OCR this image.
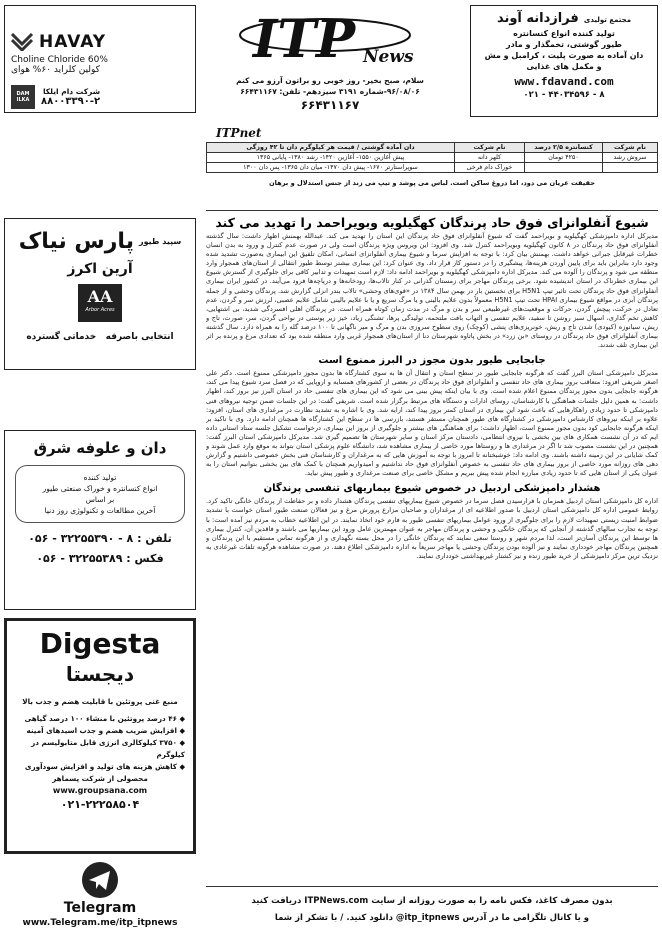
مجتمع تولیدی فرازدانه آوند
تولید کننده انواع کنسانتره
طیور گوشتی، تخمگذار و مادر
دان آماده به صورت پلیت ، کرامبل و مش
و مکمل های غذایی
www.fdavand.com
۸ - ۴۴۰۳۴۵۹۶ - ۰۲۱
ITP News
سلام، صبح بخیر- روز خوبی رو براتون آرزو می کنم
۹۶/۰۸/۰۶-شماره ۳۱۹۱ سیزدهم- تلفن: ۶۶۴۳۱۱۶۷
۶۶۴۳۱۱۶۷
HAVAY
Choline Chloride 60%
کولین کلراید ۶۰% هوای
DAM ILKA
شرکت دام ایلکا
۸۸۰۰۳۳۹۰-۲
$^{سپید طیور}$ پارس نیاک
آرین اکرز
AA
Arbor Acres
انتخابی باصرفه   خدماتی گسترده
دان و علوفه شرق
تولید کننده
انواع کنسانتره و خوراک صنعتی طیور
بر اساس
آخرین مطالعات و تکنولوژی روز دنیا
تلفن : ۸ - ۳۲۲۵۵۳۹۰ - ۰۵۶
فکس : ۳۲۲۵۵۳۸۹ - ۰۵۶
Digesta
دیجستا
منبع غنی پروتئین با قابلیت هضم و جذب بالا
◆ ۴۶ درصد پروتئین با منشاء ۱۰۰ درصد گیاهی
◆ افزایش ضریب هضم و جذب اسیدهای آمینه
◆ ۳۷۵۰ کیلوکالری انرژی قابل متابولیسم در کیلوگرم
◆ کاهش هزینه های تولید و افزایش سودآوری
محصولی از شرکت پسماهر
www.groupsana.com
۰۲۱-۲۲۲۵۸۵۰۴
Telegram
www.Telegram.me/itp_itpnews
ITPnet
نام شرکت	کنسانتره ۲/۵ درصد	نام شرکت	دان آماده گوشتی / قیمت هر کیلوگرم دان تا ۴۲ روزگی
سروش رشد	۴۲۵۰ تومان	کلهر دانه	پیش آغازین ۱۵۵۰- آغازین ۱۴۲۰- رشد ۱۳۸۰- پایانی ۱۳۶۵
		خوراک دام فرخی	سوپراستارتر ۱۶۷۰- پیش دان ۱۴۷۰- میان دان ۱۳۶۵- پس دان ۱۳۰۰
حقیقت عریان می دود، اما دروغ ساکن است. لباس می پوشد و تیپ می زند از جنس استدلال و برهان
شیوع آنفلوانزای فوق حاد پرندگان کهگیلویه وبویراحمد را تهدید می کند

مدیرکل اداره دامپزشکی کهگیلویه و بویراحمد گفت که شیوع آنفلوانزای فوق حاد پرندگان این استان را تهدید می کند. عبدالله بهمنش اظهار داشت: سال گذشته آنفلوانزای فوق حاد پرندگان در ۸ کانون کهگیلویه وبویراحمد کنترل شد. وی افزود: این ویروس ویژه پرندگان است ولی در صورت عدم کنترل و ورود به بدن انسان خطرات غیرقابل جبرانی خواهد داشت. بهمنش بیان کرد: با توجه به افزایش سرما و شیوع بیماری آنفلوانزای انسانی، امکان تلفیق این ابیماری به‌صورت تشدید شده وجود دارد بنابراین باید برای پایین آوردن هزینه‌ها، پیشگیری را در دستور کار قرار داد. وی عنوان کرد: این بیماری بیشتر توسط طیور انتقالی از استان‌های همجوار وارد منطقه می شود و پرندگان را آلوده می کند. مدیرکل اداره دامپزشکی کهگیلویه و بویراحمد ادامه داد: لازم است تمهیدات و تدابیر کافی برای جلوگیری از گسترش شیوع این بیماری خطرناک در استان اندیشیده شود. برخی پرندگان مهاجر برای زمستان گذرانی در کنار تالاب‌ها، رودخانه‌ها و دریاچه‌ها فرود می‌آیند. در کشور ایران بیماری آنفلوانزای فوق حاد پرندگان تحت تاثیر تیپ H5N1 برای نخستین بار در بهمن سال ۱۳۸۴ در «قوی‌های وحشی» تالاب بندر انزلی گزارش شد. پرندگان وحشی و از جمله پرندگان آبزی در مواقع شیوع بیماری HPAI تحت تیپ H5N1 معمولاً بدون علایم بالینی و یا مرگ سریع و یا با علایم بالینی شامل علایم عصبی، لرزش سر و گردن، عدم تعادل در حرکت، پیچش گردن، حرکات و موقعیت‌های غیرطبیعی سر و بدن و مرگ در مدت زمان کوتاه همراه است. در پرندگان اهلی افسردگی شدید، بی اشتهایی، کاهش تخم گذاری، اسهال سبز روشن تا سفید، علایم تنفسی و التهاب بافت ملتحمه، تولیدگی پرها، تشنگی زیاد، خیز زیر پوستی در نواحی گردن، سر، صورت، تاج و ریش، سیانوزه (کبودی) شدن تاج و ریش، خونریزی‌های پتشی (کوچک) روی سطوح سروزی بدن و مرگ و میر ناگهانی تا ۱۰۰ درصد گله را به همراه دارد. سال گذشته بیماری آنفلوانزای فوق حاد پرندگان در روستای «بن زرد» در بخش پاتاوه شهرستان دنا از استان‌های همجوار غربی وارد منطقه شده بود که تعدادی مرغ و پرنده بر اثر این بیماری تلف شدند.

جابجایی طیور بدون مجوز در البرز ممنوع است

مدیرکل دامپزشکی استان البرز گفت که هرگونه جابجایی طیور در سطح استان و انتقال آن ها به سوی کشتارگاه ها بدون مجوز دامپزشکی ممنوع است. دکتر علی اصغر شریفی افزود: متعاقب بروز بیماری های حاد تنفسی و آنفلوانزای فوق حاد پرندگان در بعضی از کشورهای همسایه و اروپایی که در فصل سرد شیوع پیدا می کند، هرگونه جابجایی بدون مجوز پرندگان ممنوع اعلام شده است. وی با بیان اینکه پیش بینی می شود که این بیماری های تنفسی حاد در استان البرز نیز بروز کند، اظهار داشت: به همین دلیل جلسات هماهنگی با کارشناسان، روسای ادارات و دستگاه های مرتبط برگزار شده است. شریفی گفت: در این جلسات ضمن توجیه نیروهای فنی دامپزشکی تا حدود زیادی راهکارهایی که باعث شود این بیماری در استان کمتر بروز پیدا کند، ارایه شد. وی با اشاره به تشدید نظارت در مرغداری های استان، افزود: علاوه بر اینکه نیروهای کارشناس دامپزشکی در کشتارگاه های طیور همچنان مستقر هستند، بازرسی ها در سطح این کشتارگاه ها همچنان ادامه دارد. وی با تاکید بر اینکه هرگونه جابجایی کود بدون مجوز ممنوع است، اظهار داشت: برای هماهنگی های بیشتر و جلوگیری از بروز این بیماری، درخواست تشکیل جلسه ستاد استانی داده ایم که در آن نشست همکاری های بین بخشی با نیروی انتظامی، دادستان مرکز استان و سایر شهرستان ها تصمیم گیری شد. مدیرکل دامپزشکی استان البرز گفت: همچنین در این نشست مصوب شد تا اگر در مرغداری ها و روستاها مورد خاصی از بیماری مشاهده شد، دانشگاه علوم پزشکی استان بتواند به موقع وارد عمل شوند و کمک شایانی در این زمینه داشته باشند. وی ادامه داد: خوشبختانه تا امروز با توجه به آموزش هایی که به مرغداران و کارشناسان فنی بخش خصوصی داشتیم و گزارش دهی های روزانه مورد خاصی از بروز بیماری های حاد تنفسی به خصوص آنفلوانزای فوق حاد نداشتیم و امیدواریم همچنان با کمک های بین بخشی بتوانیم استان را به عنوان یکی از استان هایی که تا حدود زیادی مبارزه انجام شده پیش ببریم و مشکل خاصی برای صنعت مرغداری و طیور پیش نیاید.

هشدار دامپزشکی اردبیل در خصوص شیوع بیماریهای تنفسی پرندگان

اداره کل دامپزشکی استان اردبیل همزمان با فرارسیدن فصل سرما در خصوص شیوع بیماریهای تنفسی پرندگان هشدار داده و بر حفاظت از پرندگان خانگی تاکید کرد. روابط عمومی اداره کل دامپزشکی استان اردبیل با صدور اطلاعیه ای از مرغداران و صاحبان مزارع پرورش مرغ و نیز فعالان صنعت طیور استان خواست با تشدید ضوابط امنیت زیستی تمهیدات لازم را برای جلوگیری از ورود عوامل بیماریهای تنفسی طیور به فارم خود اتخاذ نمایند. در این اطلاعیه خطاب به مردم نیز آمده است: با توجه به تجارب سالهای گذشته از آنجایی که پرندگان خانگی و وحشی و پرندگان مهاجر به عنوان مهمترین عامل ورود این بیماریها می باشند و فاقدین آن، کنترل بیماری ها توسط این پرندگان آسان‌تر است، لذا مردم شهر و روستا سعی نمایند که پرندگان خانگی را در محل بسته نگهداری و از هرگونه تماس مستقیم با این پرندگان و همچنین پرندگان مهاجر خودداری نمایند و نیز آلوده بودن پرندگان وحشی یا مهاجر سریعاً به اداره دامپزشکی اطلاع دهند. در صورت مشاهده هرگونه تلفات غیرعادی به نزدیک ترین مرکز دامپزشکی از خرید طیور زنده و نیز کشتار غیربهداشتی خودداری نمایند.

بدون مصرف کاغذ، فکس نامه را به صورت روزانه از سایت ITPNews.com دریافت کنید
و یا کانال تلگرامی ما در آدرس itp_itpnews@ دانلود کنید. / با تشکر از شما
